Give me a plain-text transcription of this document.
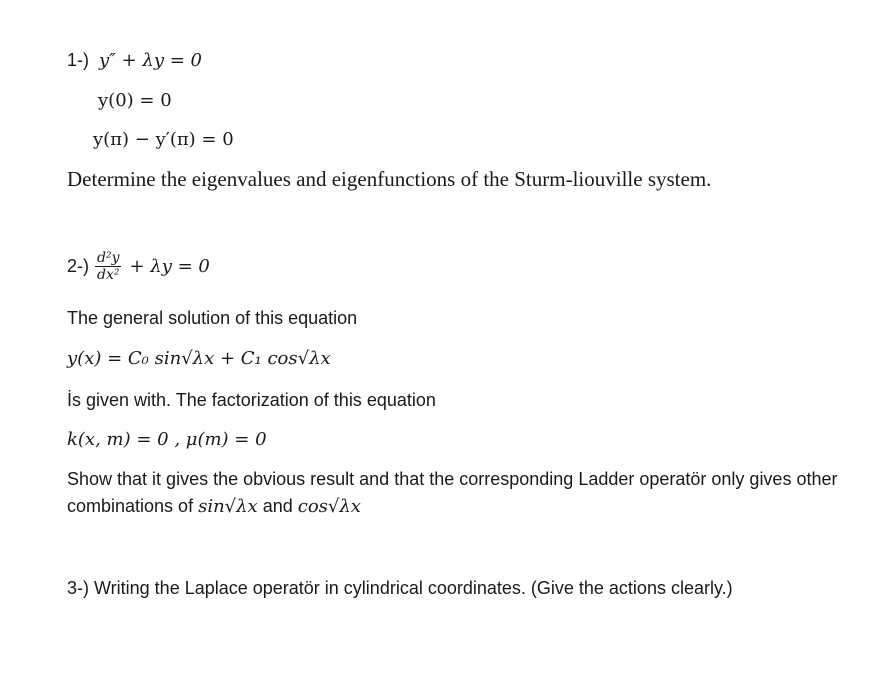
1-) y″ + λy = 0
y(0) = 0
y(π) − y′(π) = 0
Determine the eigenvalues and eigenfunctions of the Sturm-liouville system.
$2-) \frac{\text{d²y}}{\text{dx²}} + \lambda y = 0$
The general solution of this equation
y(x) = C₀ sin√λx + C₁ cos√λx
İs given with. The factorization of this equation
k(x, m) = 0 , μ(m) = 0
Show that it gives the obvious result and that the corresponding Ladder operatör only gives other
combinations of sin√λx and cos√λx
3-) Writing the Laplace operatör in cylindrical coordinates. (Give the actions clearly.)
